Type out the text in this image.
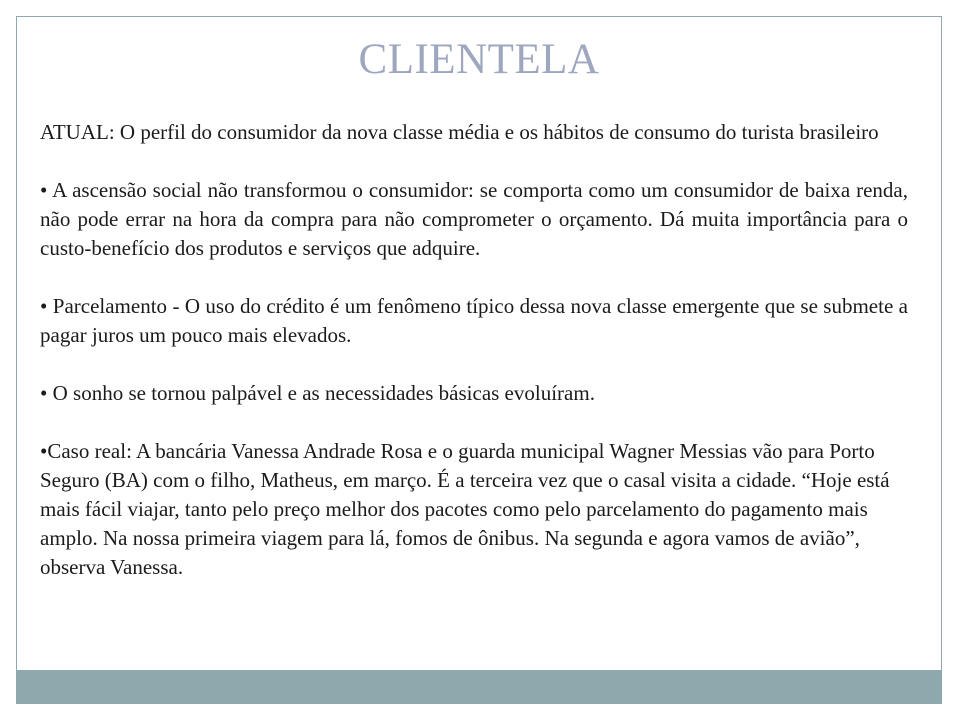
CLIENTELA

ATUAL: O perfil do consumidor da nova classe média e os hábitos de consumo do turista brasileiro

• A ascensão social não transformou o consumidor: se comporta como um consumidor de baixa renda, não pode errar na hora da compra para não comprometer o orçamento. Dá muita importância para o custo-benefício dos produtos e serviços que adquire.

• Parcelamento - O uso do crédito é um fenômeno típico dessa nova classe emergente que se submete a pagar juros um pouco mais elevados.

• O sonho se tornou palpável e as necessidades básicas evoluíram.

•Caso real: A bancária Vanessa Andrade Rosa e o guarda municipal Wagner Messias vão para Porto Seguro (BA) com o filho, Matheus, em março. É a terceira vez que o casal visita a cidade. “Hoje está mais fácil viajar, tanto pelo preço melhor dos pacotes como pelo parcelamento do pagamento mais amplo. Na nossa primeira viagem para lá, fomos de ônibus. Na segunda e agora vamos de avião”, observa Vanessa.
